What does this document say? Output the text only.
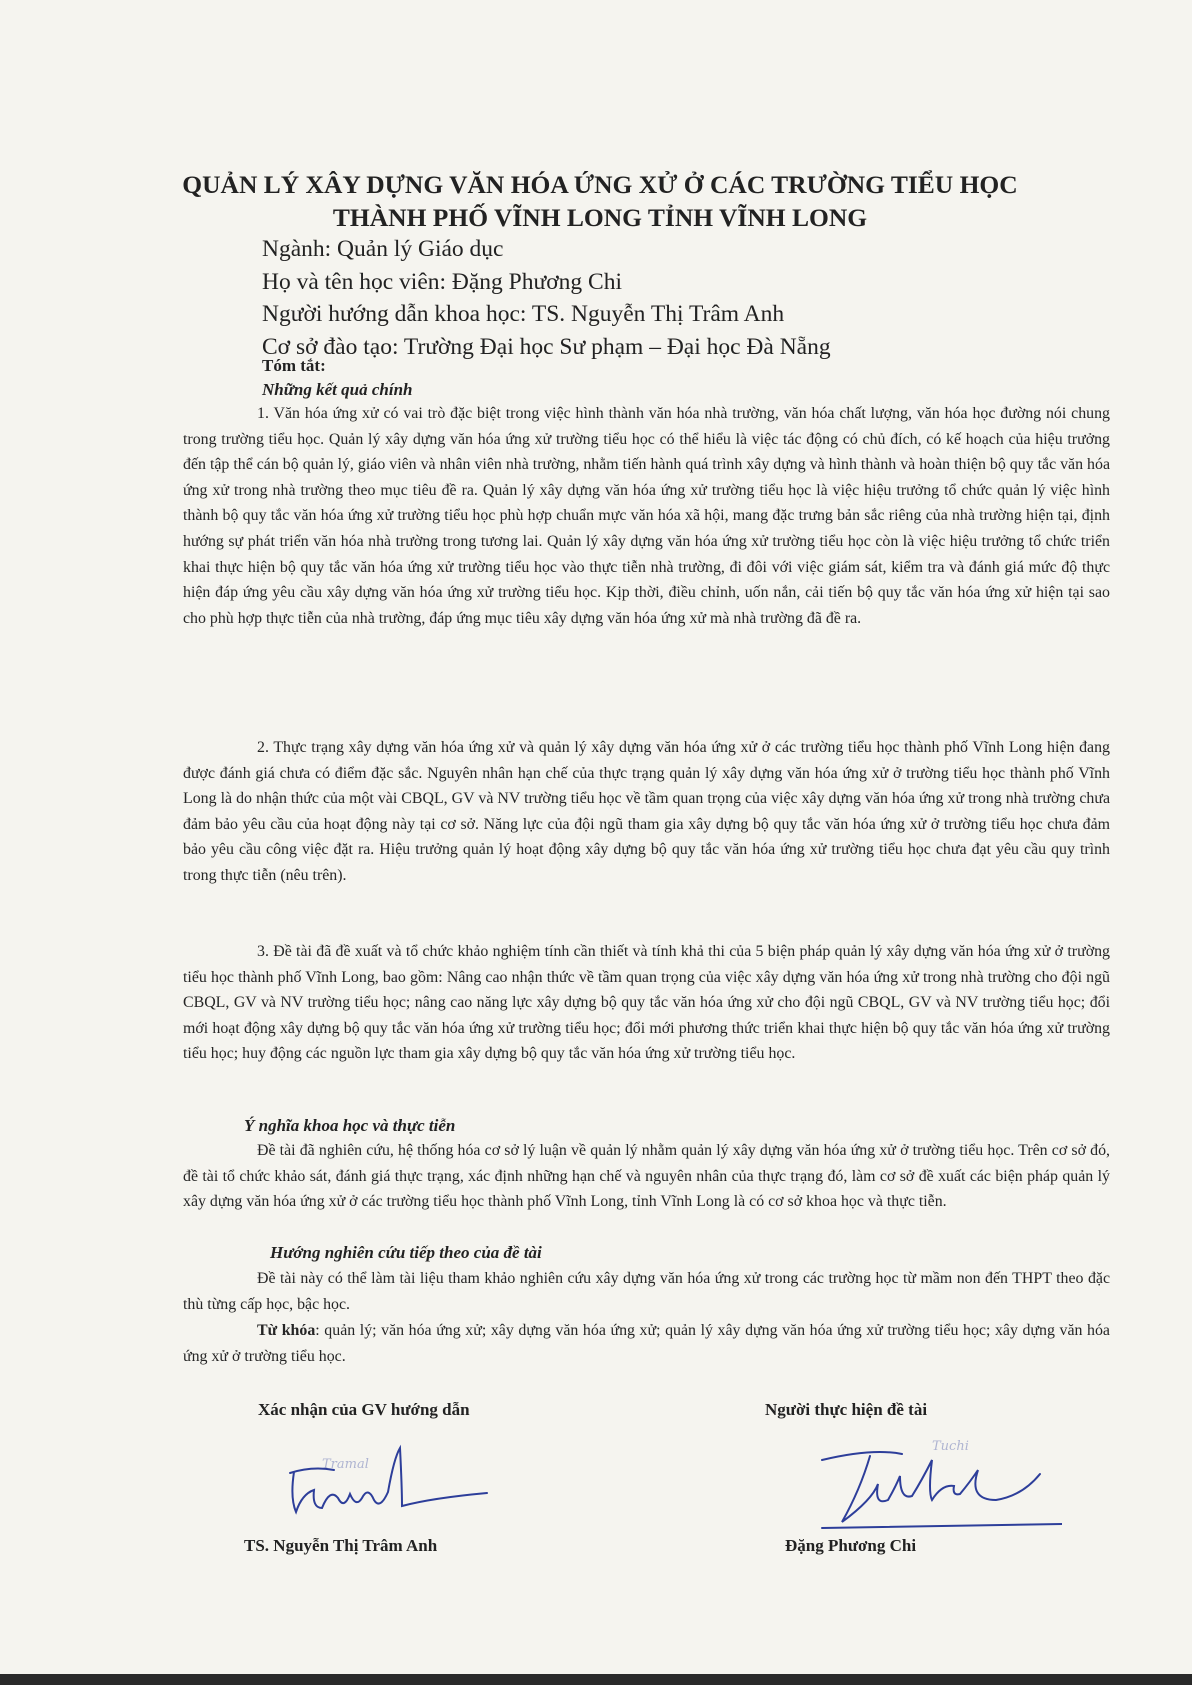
QUẢN LÝ XÂY DỰNG VĂN HÓA ỨNG XỬ Ở CÁC TRƯỜNG TIỂU HỌC
THÀNH PHỐ VĨNH LONG TỈNH VĨNH LONG
Ngành: Quản lý Giáo dục
Họ và tên học viên: Đặng Phương Chi
Người hướng dẫn khoa học: TS. Nguyễn Thị Trâm Anh
Cơ sở đào tạo: Trường Đại học Sư phạm – Đại học Đà Nẵng
Tóm tắt:
Những kết quả chính

1. Văn hóa ứng xử có vai trò đặc biệt trong việc hình thành văn hóa nhà trường, văn hóa chất lượng, văn hóa học đường nói chung trong trường tiểu học. Quản lý xây dựng văn hóa ứng xử trường tiểu học có thể hiểu là việc tác động có chủ đích, có kế hoạch của hiệu trưởng đến tập thể cán bộ quản lý, giáo viên và nhân viên nhà trường, nhằm tiến hành quá trình xây dựng và hình thành và hoàn thiện bộ quy tắc văn hóa ứng xử trong nhà trường theo mục tiêu đề ra. Quản lý xây dựng văn hóa ứng xử trường tiểu học là việc hiệu trưởng tổ chức quản lý việc hình thành bộ quy tắc văn hóa ứng xử trường tiểu học phù hợp chuẩn mực văn hóa xã hội, mang đặc trưng bản sắc riêng của nhà trường hiện tại, định hướng sự phát triển văn hóa nhà trường trong tương lai. Quản lý xây dựng văn hóa ứng xử trường tiểu học còn là việc hiệu trưởng tổ chức triển khai thực hiện bộ quy tắc văn hóa ứng xử trường tiểu học vào thực tiễn nhà trường, đi đôi với việc giám sát, kiểm tra và đánh giá mức độ thực hiện đáp ứng yêu cầu xây dựng văn hóa ứng xử trường tiểu học. Kịp thời, điều chỉnh, uốn nắn, cải tiến bộ quy tắc văn hóa ứng xử hiện tại sao cho phù hợp thực tiễn của nhà trường, đáp ứng mục tiêu xây dựng văn hóa ứng xử mà nhà trường đã đề ra.

2. Thực trạng xây dựng văn hóa ứng xử và quản lý xây dựng văn hóa ứng xử ở các trường tiểu học thành phố Vĩnh Long hiện đang được đánh giá chưa có điểm đặc sắc. Nguyên nhân hạn chế của thực trạng quản lý xây dựng văn hóa ứng xử ở trường tiểu học thành phố Vĩnh Long là do nhận thức của một vài CBQL, GV và NV trường tiểu học về tầm quan trọng của việc xây dựng văn hóa ứng xử trong nhà trường chưa đảm bảo yêu cầu của hoạt động này tại cơ sở. Năng lực của đội ngũ tham gia xây dựng bộ quy tắc văn hóa ứng xử ở trường tiểu học chưa đảm bảo yêu cầu công việc đặt ra. Hiệu trưởng quản lý hoạt động xây dựng bộ quy tắc văn hóa ứng xử trường tiểu học chưa đạt yêu cầu quy trình trong thực tiễn (nêu trên).

3. Đề tài đã đề xuất và tổ chức khảo nghiệm tính cần thiết và tính khả thi của 5 biện pháp quản lý xây dựng văn hóa ứng xử ở trường tiểu học thành phố Vĩnh Long, bao gồm: Nâng cao nhận thức về tầm quan trọng của việc xây dựng văn hóa ứng xử trong nhà trường cho đội ngũ CBQL, GV và NV trường tiểu học; nâng cao năng lực xây dựng bộ quy tắc văn hóa ứng xử cho đội ngũ CBQL, GV và NV trường tiểu học; đổi mới hoạt động xây dựng bộ quy tắc văn hóa ứng xử trường tiểu học; đổi mới phương thức triển khai thực hiện bộ quy tắc văn hóa ứng xử trường tiểu học; huy động các nguồn lực tham gia xây dựng bộ quy tắc văn hóa ứng xử trường tiểu học.

Ý nghĩa khoa học và thực tiễn

Đề tài đã nghiên cứu, hệ thống hóa cơ sở lý luận về quản lý nhằm quản lý xây dựng văn hóa ứng xử ở trường tiểu học. Trên cơ sở đó, đề tài tổ chức khảo sát, đánh giá thực trạng, xác định những hạn chế và nguyên nhân của thực trạng đó, làm cơ sở đề xuất các biện pháp quản lý xây dựng văn hóa ứng xử ở các trường tiểu học thành phố Vĩnh Long, tỉnh Vĩnh Long là có cơ sở khoa học và thực tiễn.

Hướng nghiên cứu tiếp theo của đề tài

Đề tài này có thể làm tài liệu tham khảo nghiên cứu xây dựng văn hóa ứng xử trong các trường học từ mầm non đến THPT theo đặc thù từng cấp học, bậc học.

Từ khóa: quản lý; văn hóa ứng xử; xây dựng văn hóa ứng xử; quản lý xây dựng văn hóa ứng xử trường tiểu học; xây dựng văn hóa ứng xử ở trường tiểu học.

Xác nhận của GV hướng dẫn	Người thực hiện đề tài
Tramal
Tuchi
TS. Nguyễn Thị Trâm Anh	Đặng Phương Chi
